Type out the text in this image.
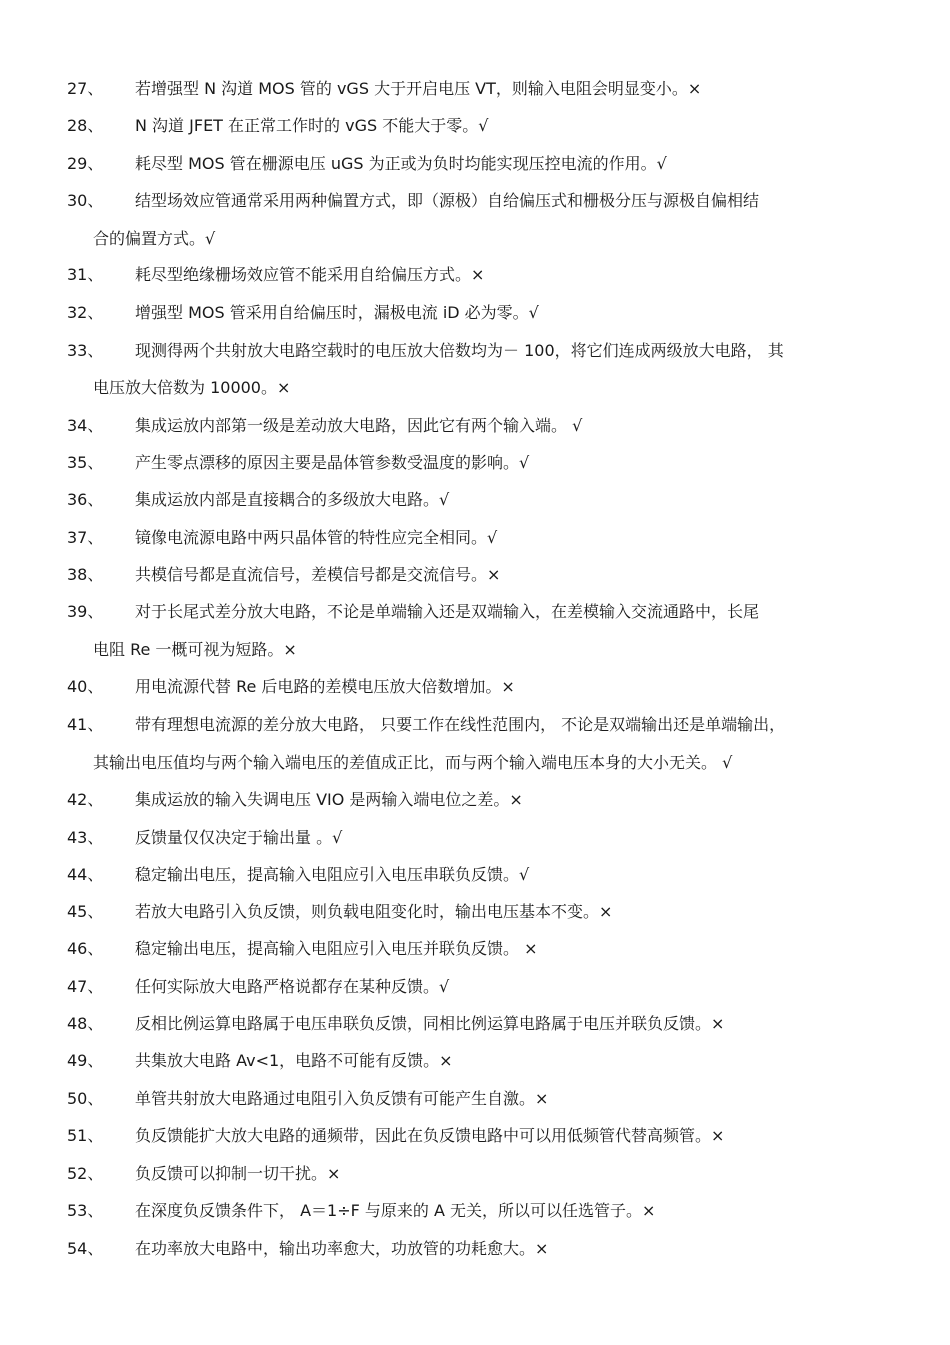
27、 若增强型 N 沟道 MOS 管的 vGS 大于开启电压 VT，则输入电阻会明显变小。×
28、 N 沟道 JFET 在正常工作时的 vGS 不能大于零。√
29、 耗尽型 MOS 管在栅源电压 uGS 为正或为负时均能实现压控电流的作用。√
30、 结型场效应管通常采用两种偏置方式，即（源极）自给偏压式和栅极分压与源极自偏相结
合的偏置方式。√
31、 耗尽型绝缘栅场效应管不能采用自给偏压方式。×
32、 增强型 MOS 管采用自给偏压时，漏极电流 iD 必为零。√
33、 现测得两个共射放大电路空载时的电压放大倍数均为－ 100，将它们连成两级放大电路， 其
电压放大倍数为 10000。×
34、 集成运放内部第一级是差动放大电路，因此它有两个输入端。 √
35、 产生零点漂移的原因主要是晶体管参数受温度的影响。√
36、 集成运放内部是直接耦合的多级放大电路。√
37、 镜像电流源电路中两只晶体管的特性应完全相同。√
38、 共模信号都是直流信号，差模信号都是交流信号。×
39、 对于长尾式差分放大电路，不论是单端输入还是双端输入，在差模输入交流通路中，长尾
电阻 Re 一概可视为短路。×
40、 用电流源代替 Re 后电路的差模电压放大倍数增加。×
41、 带有理想电流源的差分放大电路， 只要工作在线性范围内， 不论是双端输出还是单端输出，
其输出电压值均与两个输入端电压的差值成正比，而与两个输入端电压本身的大小无关。 √
42、 集成运放的输入失调电压 VIO 是两输入端电位之差。×
43、 反馈量仅仅决定于输出量 。√
44、 稳定输出电压，提高输入电阻应引入电压串联负反馈。√
45、 若放大电路引入负反馈，则负载电阻变化时，输出电压基本不变。×
46、 稳定输出电压，提高输入电阻应引入电压并联负反馈。 ×
47、 任何实际放大电路严格说都存在某种反馈。√
48、 反相比例运算电路属于电压串联负反馈，同相比例运算电路属于电压并联负反馈。×
49、 共集放大电路 Av<1，电路不可能有反馈。×
50、 单管共射放大电路通过电阻引入负反馈有可能产生自激。×
51、 负反馈能扩大放大电路的通频带，因此在负反馈电路中可以用低频管代替高频管。×
52、 负反馈可以抑制一切干扰。×
53、 在深度负反馈条件下， A＝1÷F 与原来的 A 无关，所以可以任选管子。×
54、 在功率放大电路中，输出功率愈大，功放管的功耗愈大。×
